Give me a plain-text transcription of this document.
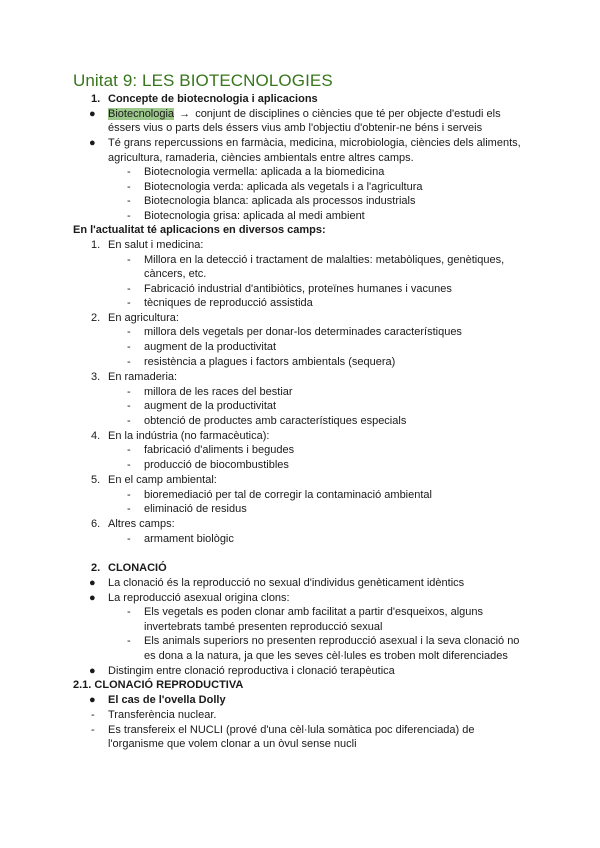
Unitat 9: LES BIOTECNOLOGIES
1. Concepte de biotecnologia i aplicacions
● Biotecnologia → conjunt de disciplines o ciències que té per objecte d'estudi els
éssers vius o parts dels éssers vius amb l'objectiu d'obtenir-ne béns i serveis
● Té grans repercussions en farmàcia, medicina, microbiologia, ciències dels aliments,
agricultura, ramaderia, ciències ambientals entre altres camps.
- Biotecnologia vermella: aplicada a la biomedicina
- Biotecnologia verda: aplicada als vegetals i a l'agricultura
- Biotecnologia blanca: aplicada als processos industrials
- Biotecnologia grisa: aplicada al medi ambient
En l'actualitat té aplicacions en diversos camps:
1. En salut i medicina:
- Millora en la detecció i tractament de malalties: metabòliques, genètiques,
càncers, etc.
- Fabricació industrial d'antibiòtics, proteïnes humanes i vacunes
- tècniques de reproducció assistida
2. En agricultura:
- millora dels vegetals per donar-los determinades característiques
- augment de la productivitat
- resistència a plagues i factors ambientals (sequera)
3. En ramaderia:
- millora de les races del bestiar
- augment de la productivitat
- obtenció de productes amb característiques especials
4. En la indústria (no farmacèutica):
- fabricació d'aliments i begudes
- producció de biocombustibles
5. En el camp ambiental:
- bioremediació per tal de corregir la contaminació ambiental
- eliminació de residus
6. Altres camps:
- armament biològic
2. CLONACIÓ
● La clonació és la reproducció no sexual d'individus genèticament idèntics
● La reproducció asexual origina clons:
- Els vegetals es poden clonar amb facilitat a partir d'esqueixos, alguns
invertebrats també presenten reproducció sexual
- Els animals superiors no presenten reproducció asexual i la seva clonació no
es dona a la natura, ja que les seves cèl·lules es troben molt diferenciades
● Distingim entre clonació reproductiva i clonació terapèutica
2.1. CLONACIÓ REPRODUCTIVA
● El cas de l'ovella Dolly
- Transferència nuclear.
- Es transfereix el NUCLI (prové d'una cèl·lula somàtica poc diferenciada) de
l'organisme que volem clonar a un òvul sense nucli
